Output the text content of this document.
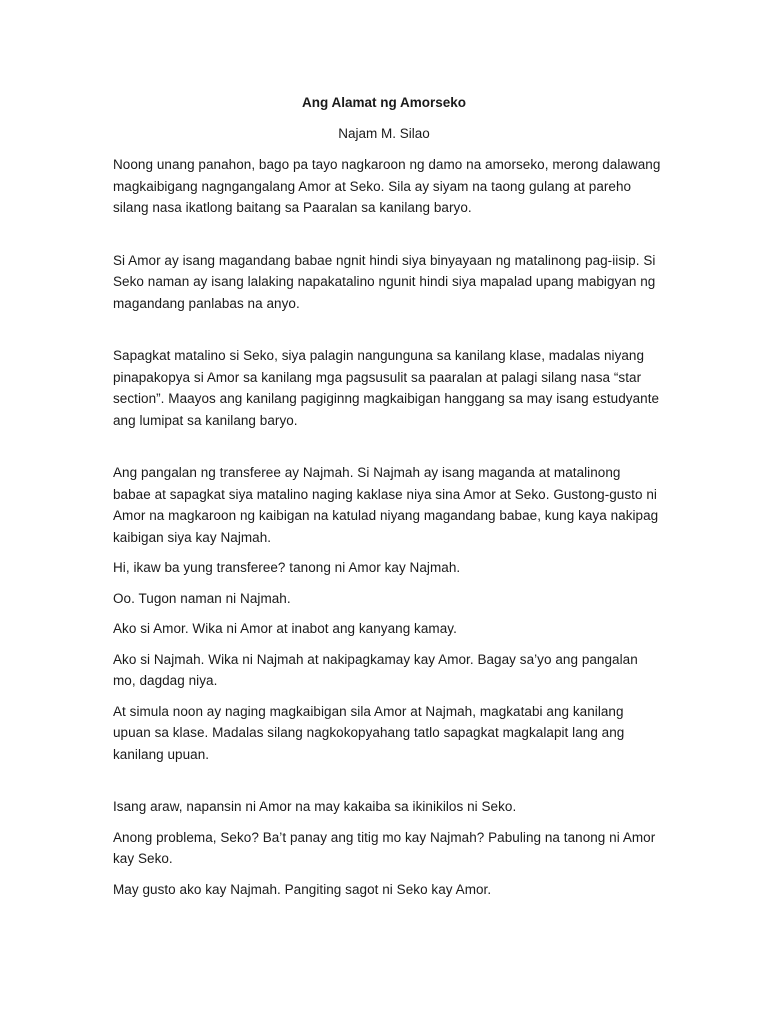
Ang Alamat ng Amorseko

Najam M. Silao

Noong unang panahon, bago pa tayo nagkaroon ng damo na amorseko, merong dalawang magkaibigang nagngangalang Amor at Seko. Sila ay siyam na taong gulang at pareho silang nasa ikatlong baitang sa Paaralan sa kanilang baryo.

Si Amor ay isang magandang babae ngnit hindi siya binyayaan ng matalinong pag-iisip. Si Seko naman ay isang lalaking napakatalino ngunit hindi siya mapalad upang mabigyan ng magandang panlabas na anyo.

Sapagkat matalino si Seko, siya palagin nangunguna sa kanilang klase, madalas niyang pinapakopya si Amor sa kanilang mga pagsusulit sa paaralan at palagi silang nasa “star section”. Maayos ang kanilang pagiginng magkaibigan hanggang sa may isang estudyante ang lumipat sa kanilang baryo.

Ang pangalan ng transferee ay Najmah. Si Najmah ay isang maganda at matalinong babae at sapagkat siya matalino naging kaklase niya sina Amor at Seko. Gustong-gusto ni Amor na magkaroon ng kaibigan na katulad niyang magandang babae, kung kaya nakipag kaibigan siya kay Najmah.

Hi, ikaw ba yung transferee? tanong ni Amor kay Najmah.

Oo. Tugon naman ni Najmah.

Ako si Amor. Wika ni Amor at inabot ang kanyang kamay.

Ako si Najmah. Wika ni Najmah at nakipagkamay kay Amor. Bagay sa’yo ang pangalan mo, dagdag niya.

At simula noon ay naging magkaibigan sila Amor at Najmah, magkatabi ang kanilang upuan sa klase. Madalas silang nagkokopyahang tatlo sapagkat magkalapit lang ang kanilang upuan.

Isang araw, napansin ni Amor na may kakaiba sa ikinikilos ni Seko.

Anong problema, Seko? Ba’t panay ang titig mo kay Najmah? Pabuling na tanong ni Amor kay Seko.

May gusto ako kay Najmah. Pangiting sagot ni Seko kay Amor.
